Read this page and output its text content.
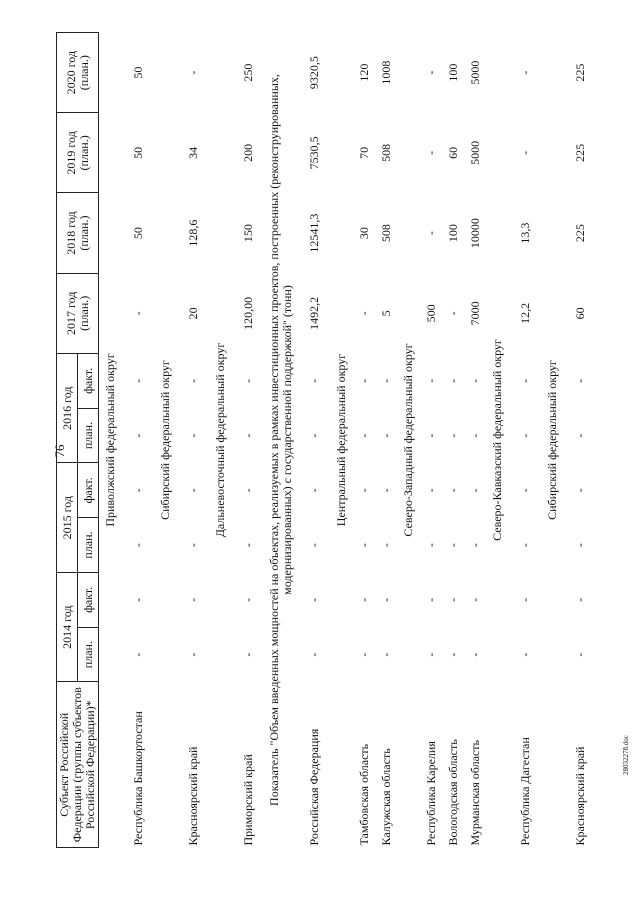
76
28032278.doc
Субъект Российской Федерации (группы субъектов Российской Федерации)*	2014 год		2015 год		2016 год		2017 год (план.)	2018 год (план.)	2019 год (план.)	2020 год (план.)
	план.	факт.	план.	факт.	план.	факт.				
Приволжский федеральный округ										
Республика Башкортостан	-	-	-	-	-	-	-	50	50	50
Сибирский федеральный округ										
Красноярский край	-	-	-	-	-	-	20	128,6	34	-
Дальневосточный федеральный округ										
Приморский край	-	-	-	-	-	-	120,00	150	200	250
Показатель "Объем введенных мощностей на объектах, реализуемых в рамках инвестиционных проектов, построенных (реконструированных, модернизированных) с государственной поддержкой" (тонн)										
Российская Федерация	-	-	-	-	-	-	1492,2	12541,3	7530,5	9320,5
Центральный федеральный округ										
Тамбовская область	-	-	-	-	-	-	-	30	70	120
Калужская область	-	-	-	-	-	-	5	508	508	1008
Северо-Западный федеральный округ										
Республика Карелия	-	-	-	-	-	-	500	-	-	-
Вологодская область	-	-	-	-	-	-	-	100	60	100
Мурманская область	-	-	-	-	-	-	7000	10000	5000	5000
Северо-Кавказский федеральный округ										
Республика Дагестан	-	-	-	-	-	-	12,2	13,3	-	-
Сибирский федеральный округ										
Красноярский край	-	-	-	-	-	-	60	225	225	225
